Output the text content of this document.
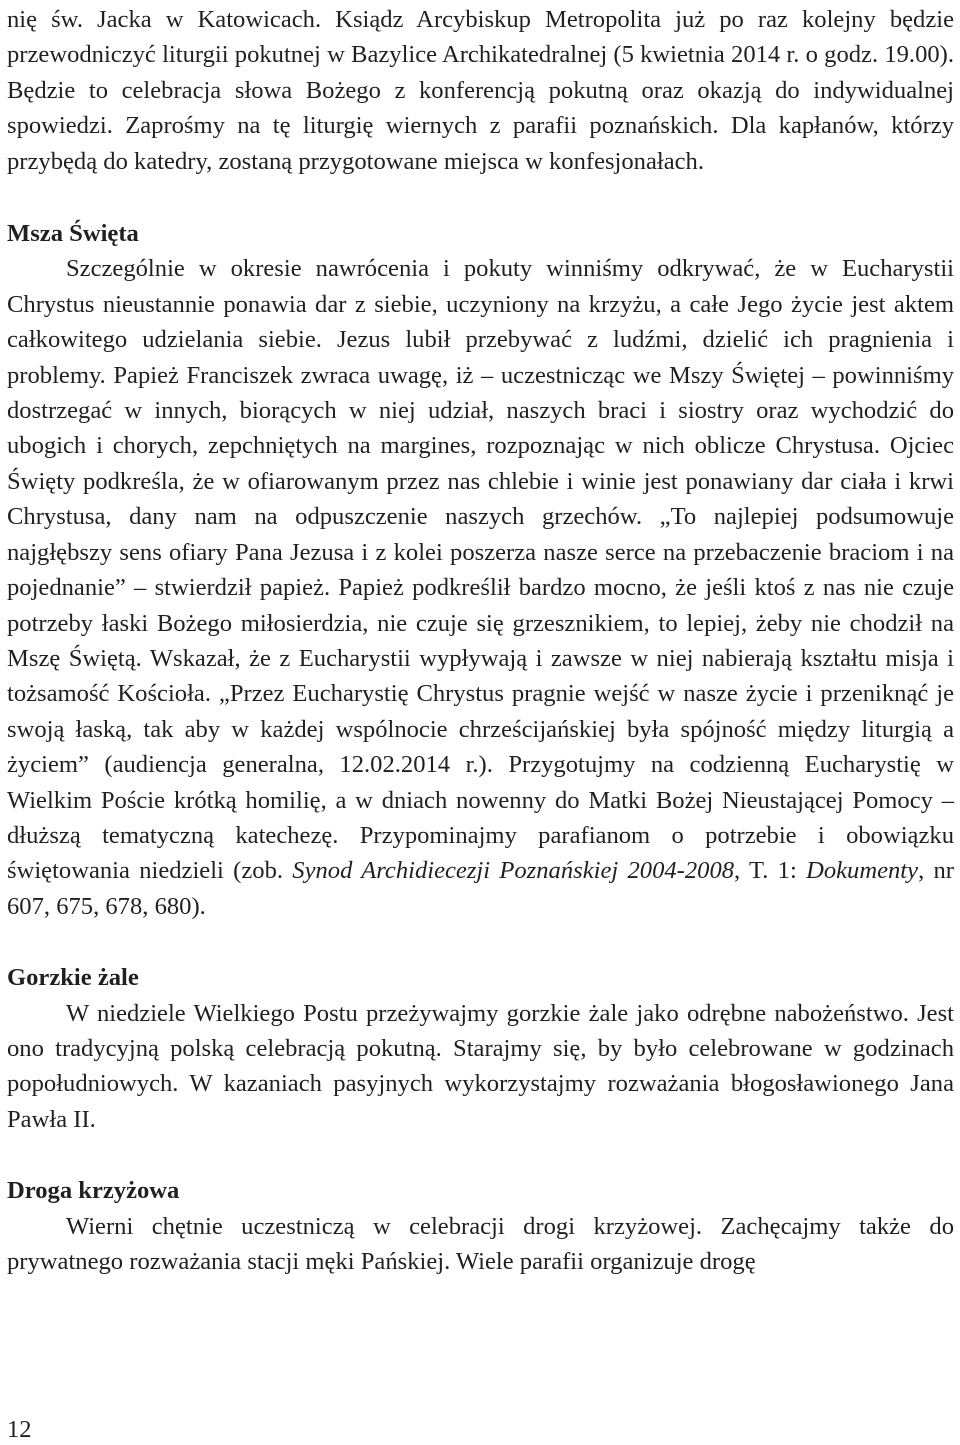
nię św. Jacka w Katowicach. Ksiądz Arcybiskup Metropolita już po raz kolejny będzie przewodniczyć liturgii pokutnej w Bazylice Archikatedralnej (5 kwietnia 2014 r. o godz. 19.00). Będzie to celebracja słowa Bożego z konferencją pokutną oraz okazją do indywidualnej spowiedzi. Zaprośmy na tę liturgię wiernych z parafii poznańskich. Dla kapłanów, którzy przybędą do katedry, zostaną przygotowane miejsca w konfesjonałach.

Msza Święta

Szczególnie w okresie nawrócenia i pokuty winniśmy odkrywać, że w Eucharystii Chrystus nieustannie ponawia dar z siebie, uczyniony na krzyżu, a całe Jego życie jest aktem całkowitego udzielania siebie. Jezus lubił przebywać z ludźmi, dzielić ich pragnienia i problemy. Papież Franciszek zwraca uwagę, iż – uczestnicząc we Mszy Świętej – powinniśmy dostrzegać w innych, biorących w niej udział, naszych braci i siostry oraz wychodzić do ubogich i chorych, zepchniętych na margines, rozpoznając w nich oblicze Chrystusa. Ojciec Święty podkreśla, że w ofiarowanym przez nas chlebie i winie jest ponawiany dar ciała i krwi Chrystusa, dany nam na odpuszczenie naszych grzechów. „To najlepiej podsumowuje najgłębszy sens ofiary Pana Jezusa i z kolei poszerza nasze serce na przebaczenie braciom i na pojednanie” – stwierdził papież. Papież podkreślił bardzo mocno, że jeśli ktoś z nas nie czuje potrzeby łaski Bożego miłosierdzia, nie czuje się grzesznikiem, to lepiej, żeby nie chodził na Mszę Świętą. Wskazał, że z Eucharystii wypływają i zawsze w niej nabierają kształtu misja i tożsamość Kościoła. „Przez Eucharystię Chrystus pragnie wejść w nasze życie i przeniknąć je swoją łaską, tak aby w każdej wspólnocie chrześcijańskiej była spójność między liturgią a życiem” (audiencja generalna, 12.02.2014 r.). Przygotujmy na codzienną Eucharystię w Wielkim Poście krótką homilię, a w dniach nowenny do Matki Bożej Nieustającej Pomocy – dłuższą tematyczną katechezę. Przypominajmy parafianom o potrzebie i obowiązku świętowania niedzieli (zob. Synod Archidiecezji Poznańskiej 2004-2008, T. 1: Dokumenty, nr 607, 675, 678, 680).

Gorzkie żale

W niedziele Wielkiego Postu przeżywajmy gorzkie żale jako odrębne nabożeństwo. Jest ono tradycyjną polską celebracją pokutną. Starajmy się, by było celebrowane w godzinach popołudniowych. W kazaniach pasyjnych wykorzystajmy rozważania błogosławionego Jana Pawła II.

Droga krzyżowa

Wierni chętnie uczestniczą w celebracji drogi krzyżowej. Zachęcajmy także do prywatnego rozważania stacji męki Pańskiej. Wiele parafii organizuje drogę

12
